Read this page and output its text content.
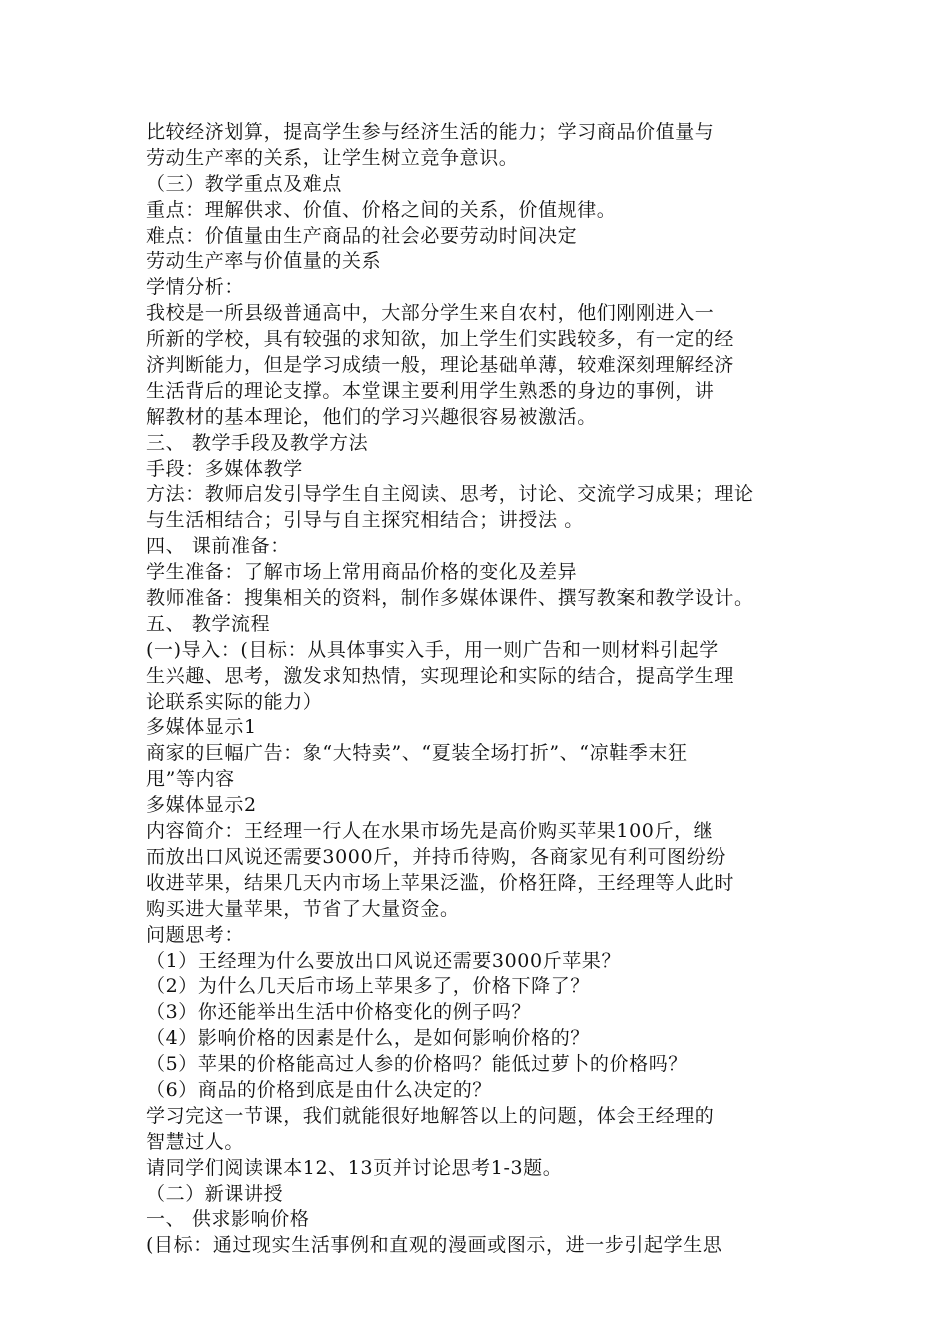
比较经济划算，提高学生参与经济生活的能力；学习商品价值量与
劳动生产率的关系，让学生树立竞争意识。
（三）教学重点及难点
重点：理解供求、价值、价格之间的关系，价值规律。
难点：价值量由生产商品的社会必要劳动时间决定
劳动生产率与价值量的关系
学情分析：
我校是一所县级普通高中，大部分学生来自农村，他们刚刚进入一
所新的学校，具有较强的求知欲，加上学生们实践较多，有一定的经
济判断能力，但是学习成绩一般，理论基础单薄，较难深刻理解经济
生活背后的理论支撑。本堂课主要利用学生熟悉的身边的事例，讲
解教材的基本理论，他们的学习兴趣很容易被激活。
三、 教学手段及教学方法
手段：多媒体教学
方法：教师启发引导学生自主阅读、思考，讨论、交流学习成果；理论
与生活相结合；引导与自主探究相结合；讲授法 。
四、 课前准备：
学生准备：了解市场上常用商品价格的变化及差异
教师准备：搜集相关的资料，制作多媒体课件、撰写教案和教学设计。
五、 教学流程
(一)导入：(目标：从具体事实入手，用一则广告和一则材料引起学
生兴趣、思考，激发求知热情，实现理论和实际的结合，提高学生理
论联系实际的能力）
多媒体显示1
商家的巨幅广告：象“大特卖”、“夏装全场打折”、“凉鞋季末狂
甩”等内容
多媒体显示2
内容简介：王经理一行人在水果市场先是高价购买苹果100斤，继
而放出口风说还需要3000斤，并持币待购，各商家见有利可图纷纷
收进苹果，结果几天内市场上苹果泛滥，价格狂降，王经理等人此时
购买进大量苹果，节省了大量资金。
问题思考：
（1）王经理为什么要放出口风说还需要3000斤苹果？
（2）为什么几天后市场上苹果多了，价格下降了？
（3）你还能举出生活中价格变化的例子吗？
（4）影响价格的因素是什么，是如何影响价格的？
（5）苹果的价格能高过人参的价格吗？能低过萝卜的价格吗？
（6）商品的价格到底是由什么决定的？
学习完这一节课，我们就能很好地解答以上的问题，体会王经理的
智慧过人。
请同学们阅读课本12、13页并讨论思考1-3题。
（二）新课讲授
一、 供求影响价格
(目标：通过现实生活事例和直观的漫画或图示，进一步引起学生思
